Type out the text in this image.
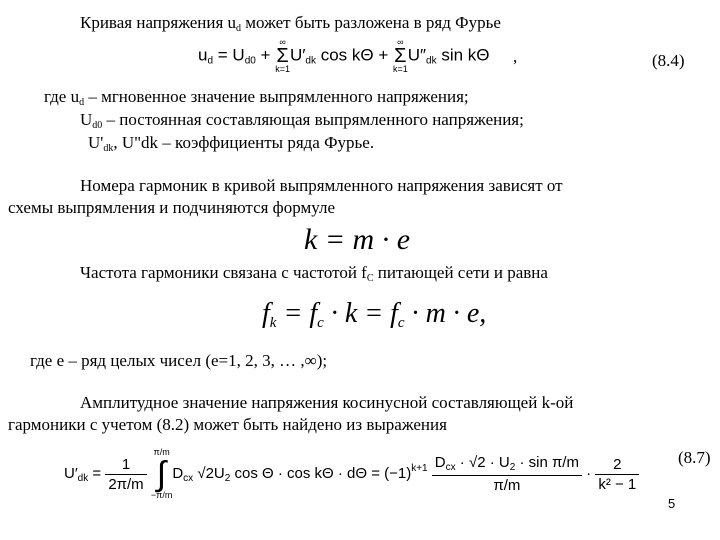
Кривая напряжения ud может быть разложена в ряд Фурье
ud = Ud0 +
∞
Σ
k=1
U′dk cos kΘ +
∞
Σ
k=1
U″dk sin kΘ ,	(8.4)
где ud – мгновенное значение выпрямленного напряжения;
Ud0 – постоянная составляющая выпрямленного напряжения;
U'dk, U"dk – коэффициенты ряда Фурье.
Номера гармоник в кривой выпрямленного напряжения зависят от
схемы выпрямления и подчиняются формуле
k = m · e
Частота гармоники связана с частотой fС питающей сети и равна
fk = fc · k = fc · m · e,
где е – ряд целых чисел (е=1, 2, 3, … ,∞);
Амплитудное значение напряжения косинусной составляющей k-ой
гармоники с учетом (8.2) может быть найдено из выражения
(8.7)
$U'_{dk} = \frac{1}{2\pi/m}$

π/m
∫
−π/m
$D_{cx}$ $√2U_2$ $\cos \Theta \cdot \cos k\Theta \cdot d\Theta = (-1)^{k+1} \frac{D_{cx} \cdot √2 \cdot U_2 \cdot \sin \pi/m}{\pi/m} \cdot \frac{2}{\text{k² − 1}}$
5
